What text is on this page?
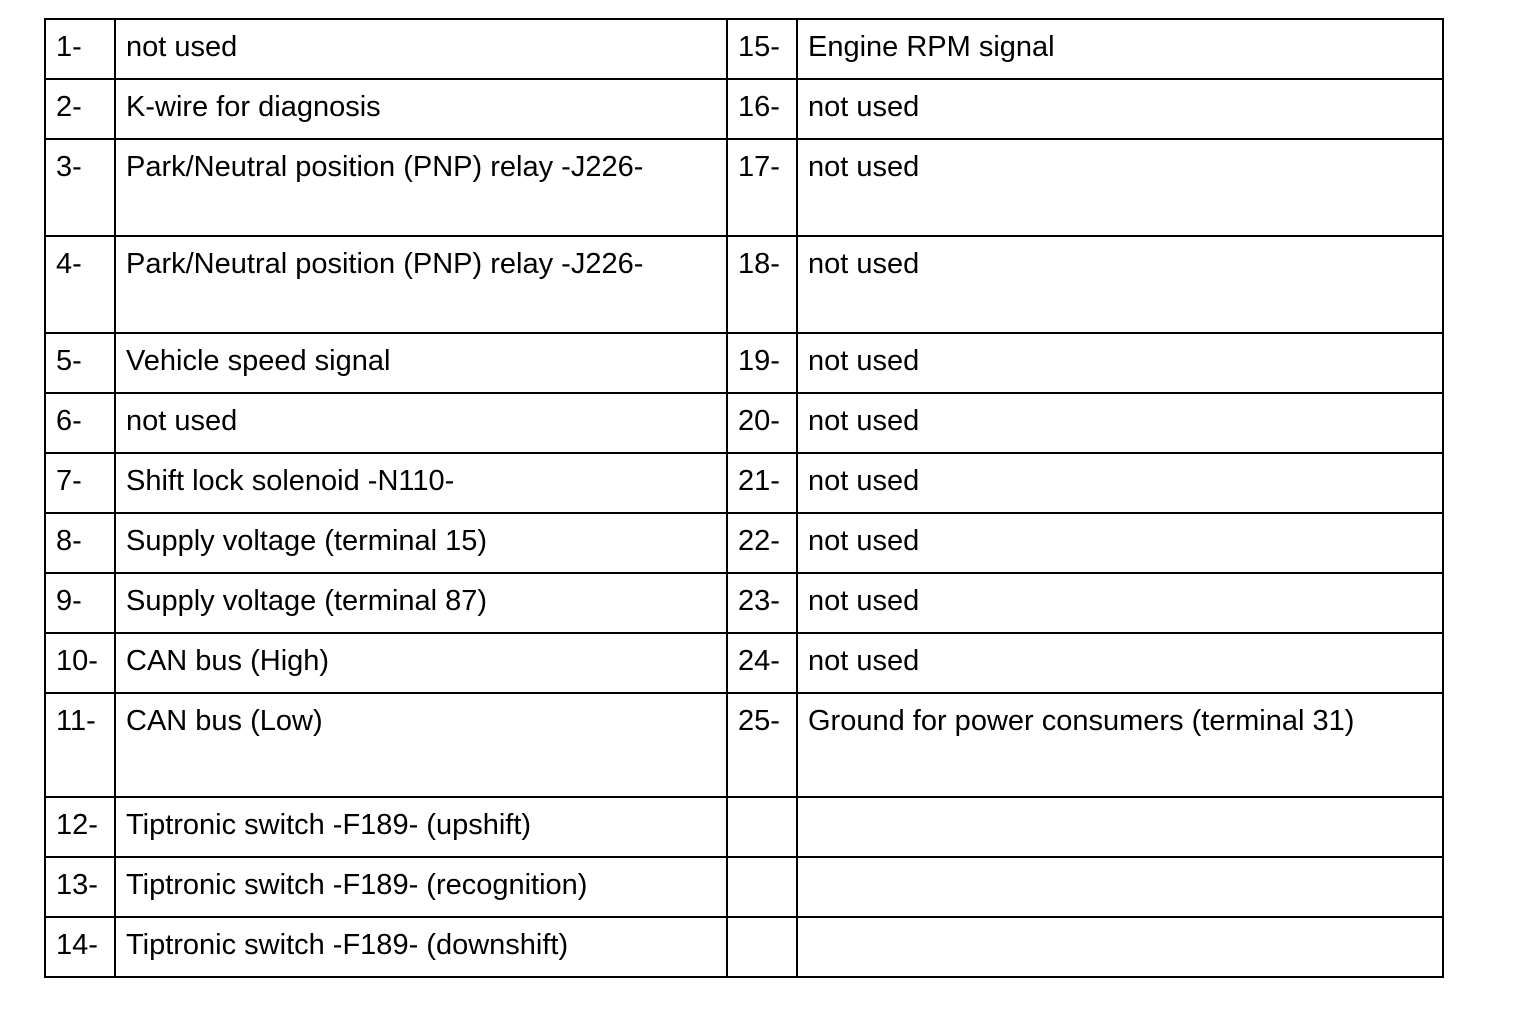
1-	not used	15-	Engine RPM signal
2-	K-wire for diagnosis	16-	not used
3-	Park/Neutral position (PNP) relay -J226-	17-	not used
4-	Park/Neutral position (PNP) relay -J226-	18-	not used
5-	Vehicle speed signal	19-	not used
6-	not used	20-	not used
7-	Shift lock solenoid -N110-	21-	not used
8-	Supply voltage (terminal 15)	22-	not used
9-	Supply voltage (terminal 87)	23-	not used
10-	CAN bus (High)	24-	not used
11-	CAN bus (Low)	25-	Ground for power consumers (terminal 31)
12-	Tiptronic switch -F189- (upshift)		
13-	Tiptronic switch -F189- (recognition)		
14-	Tiptronic switch -F189- (downshift)		
